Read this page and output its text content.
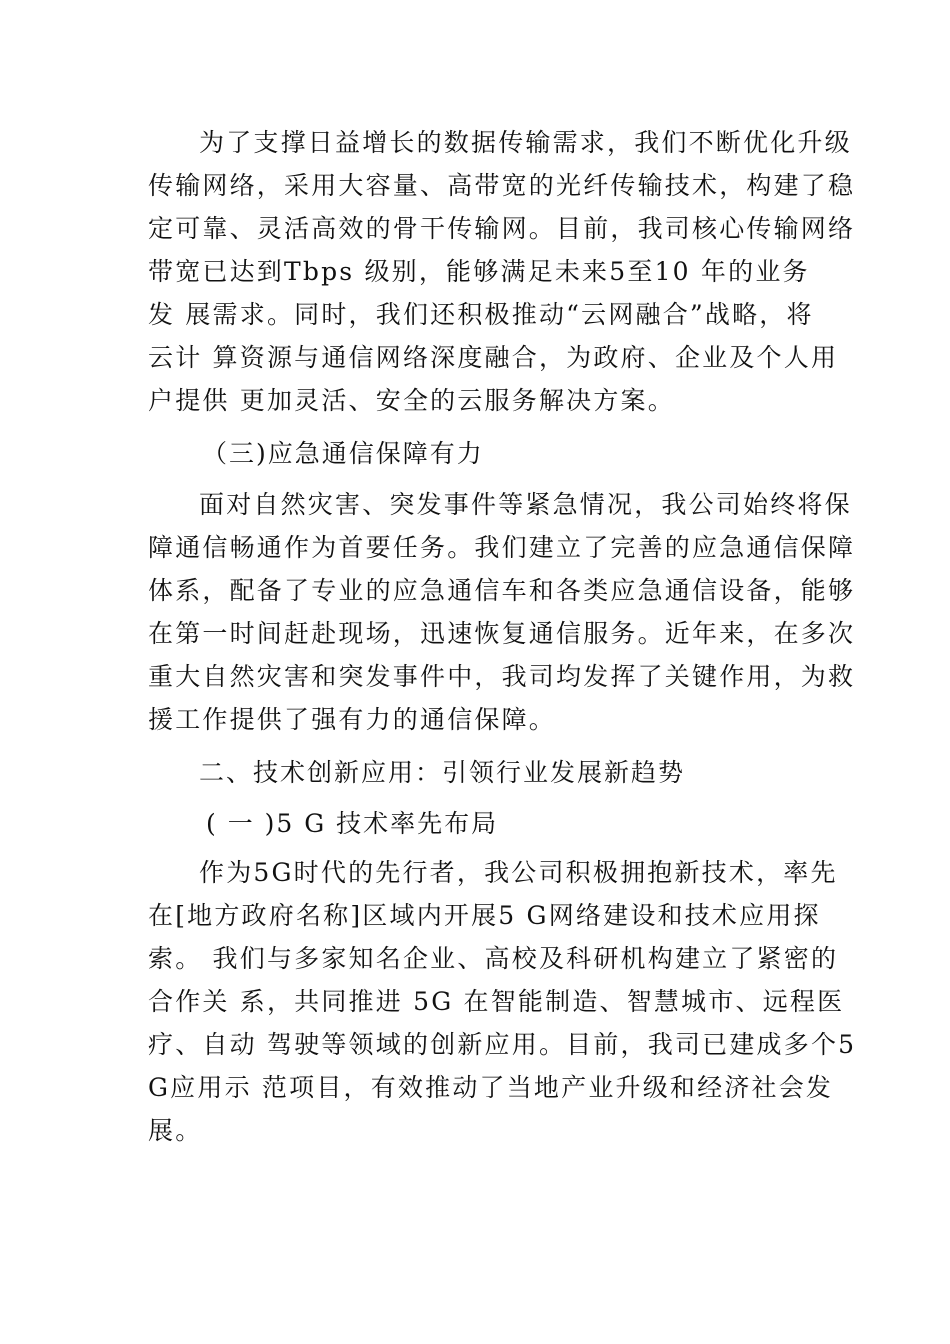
为了支撑日益增长的数据传输需求，我们不断优化升级
传输网络，采用大容量、高带宽的光纤传输技术，构建了稳
定可靠、灵活高效的骨干传输网。目前，我司核心传输网络
带宽已达到Tbps 级别，能够满足未来5至10 年的业务
发 展需求。同时，我们还积极推动“云网融合”战略，将
云计 算资源与通信网络深度融合，为政府、企业及个人用
户提供 更加灵活、安全的云服务解决方案。
（三)应急通信保障有力
面对自然灾害、突发事件等紧急情况，我公司始终将保
障通信畅通作为首要任务。我们建立了完善的应急通信保障
体系，配备了专业的应急通信车和各类应急通信设备，能够
在第一时间赶赴现场，迅速恢复通信服务。近年来，在多次
重大自然灾害和突发事件中，我司均发挥了关键作用，为救
援工作提供了强有力的通信保障。
二、技术创新应用：引领行业发展新趋势
( 一 )5 G 技术率先布局
作为5G时代的先行者，我公司积极拥抱新技术，率先
在[地方政府名称]区域内开展5 G网络建设和技术应用探
索。 我们与多家知名企业、高校及科研机构建立了紧密的
合作关 系，共同推进 5G 在智能制造、智慧城市、远程医
疗、自动 驾驶等领域的创新应用。目前，我司已建成多个5
G应用示 范项目，有效推动了当地产业升级和经济社会发
展。
